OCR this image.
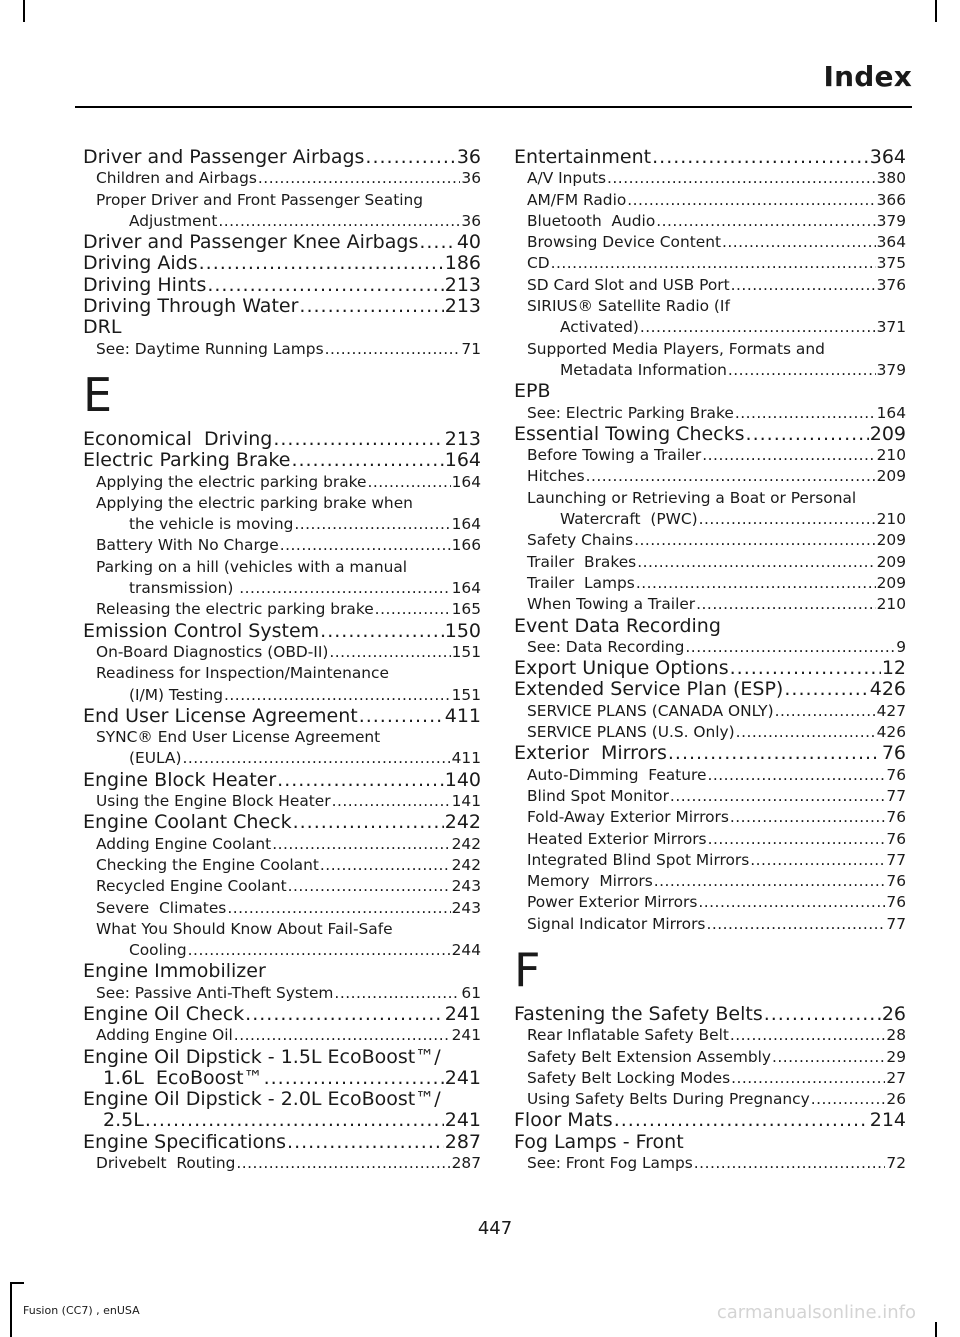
Index
Driver and Passenger Airbags .....	36
Children and Airbags .....	36
Proper Driver and Front Passenger Seating
Adjustment .....	36
Driver and Passenger Knee Airbags ..... 40
Driving Aids .....	186
Driving Hints .....	213
Driving Through Water .....	213
DRL
See: Daytime Running Lamps .....	71
E
Economical  Driving .....	213
Electric Parking Brake .....	164
Applying the electric parking brake .....	164
Applying the electric parking brake when
the vehicle is moving .....	164
Battery With No Charge .....	166
Parking on a hill (vehicles with a manual
transmission) .....	164
Releasing the electric parking brake .....	165
Emission Control System .....	150
On-Board Diagnostics (OBD-II) .....	151
Readiness for Inspection/Maintenance
(I/M) Testing .....	151
End User License Agreement .....	411
SYNC® End User License Agreement
(EULA) .....	411
Engine Block Heater .....	140
Using the Engine Block Heater .....	141
Engine Coolant Check .....	242
Adding Engine Coolant .....	242
Checking the Engine Coolant .....	242
Recycled Engine Coolant .....	243
Severe  Climates .....	243
What You Should Know About Fail-Safe
Cooling .....	244
Engine Immobilizer
See: Passive Anti-Theft System .....	61
Engine Oil Check .....	241
Adding Engine Oil .....	241
Engine Oil Dipstick - 1.5L EcoBoost™/
1.6L  EcoBoost™ .....	241
Engine Oil Dipstick - 2.0L EcoBoost™/
2.5L .....	241
Engine Specifications .....	287
Drivebelt  Routing .....	287
Entertainment .....	364
A/V Inputs .....	380
AM/FM Radio .....	366
Bluetooth  Audio .....	379
Browsing Device Content .....	364
CD .....	375
SD Card Slot and USB Port .....	376
SIRIUS® Satellite Radio (If
Activated) .....	371
Supported Media Players, Formats and
Metadata Information .....	379
EPB
See: Electric Parking Brake .....	164
Essential Towing Checks .....	209
Before Towing a Trailer .....	210
Hitches .....	209
Launching or Retrieving a Boat or Personal
Watercraft  (PWC) .....	210
Safety Chains .....	209
Trailer  Brakes .....	209
Trailer  Lamps .....	209
When Towing a Trailer .....	210
Event Data Recording
See: Data Recording .....	9
Export Unique Options .....	12
Extended Service Plan (ESP) .....	426
SERVICE PLANS (CANADA ONLY) .....	427
SERVICE PLANS (U.S. Only) .....	426
Exterior  Mirrors .....	76
Auto-Dimming  Feature .....	76
Blind Spot Monitor .....	77
Fold-Away Exterior Mirrors .....	76
Heated Exterior Mirrors .....	76
Integrated Blind Spot Mirrors .....	77
Memory  Mirrors .....	76
Power Exterior Mirrors .....	76
Signal Indicator Mirrors .....	77
F
Fastening the Safety Belts .....	26
Rear Inflatable Safety Belt .....	28
Safety Belt Extension Assembly .....	29
Safety Belt Locking Modes .....	27
Using Safety Belts During Pregnancy .....	26
Floor Mats .....	214
Fog Lamps - Front
See: Front Fog Lamps .....	72
447
Fusion (CC7) , enUSA	carmanualsonline.info
